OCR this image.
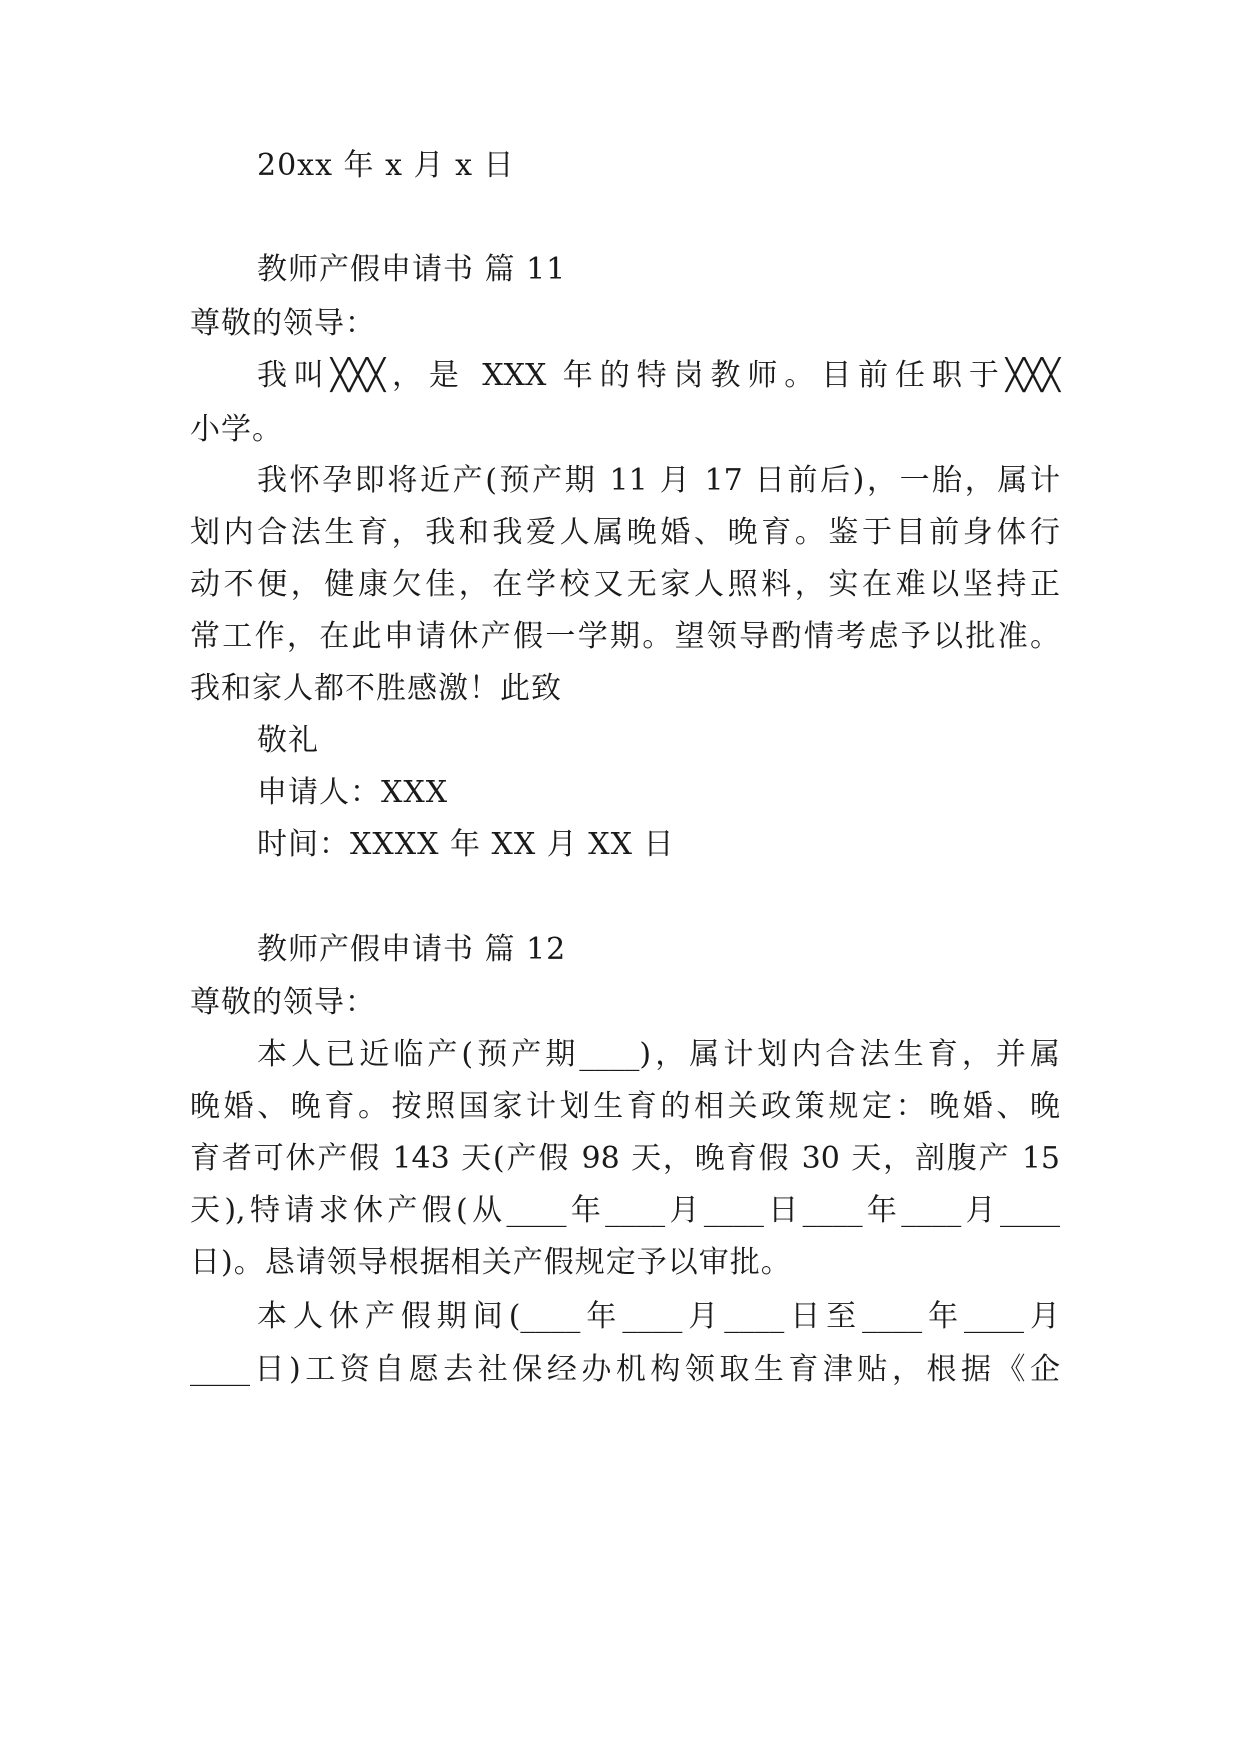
20xx 年 x 月 x 日
教师产假申请书 篇 11
尊敬的领导：
我叫╳╳╳，是 XXX 年的特岗教师。目前任职于╳╳╳
小学。
我怀孕即将近产(预产期 11 月 17 日前后)，一胎，属计
划内合法生育，我和我爱人属晚婚、晚育。鉴于目前身体行
动不便，健康欠佳，在学校又无家人照料，实在难以坚持正
常工作，在此申请休产假一学期。望领导酌情考虑予以批准。
我和家人都不胜感激！此致
敬礼
申请人：XXX
时间：XXXX 年 XX 月 XX 日
教师产假申请书 篇 12
尊敬的领导：
本人已近临产(预产期____)，属计划内合法生育，并属
晚婚、晚育。按照国家计划生育的相关政策规定：晚婚、晚
育者可休产假 143 天(产假 98 天，晚育假 30 天，剖腹产 15
天),特请求休产假(从____年____月____日____年____月____
日)。恳请领导根据相关产假规定予以审批。
本人休产假期间(____年____月____日至____年____月
____日)工资自愿去社保经办机构领取生育津贴，根据《企
